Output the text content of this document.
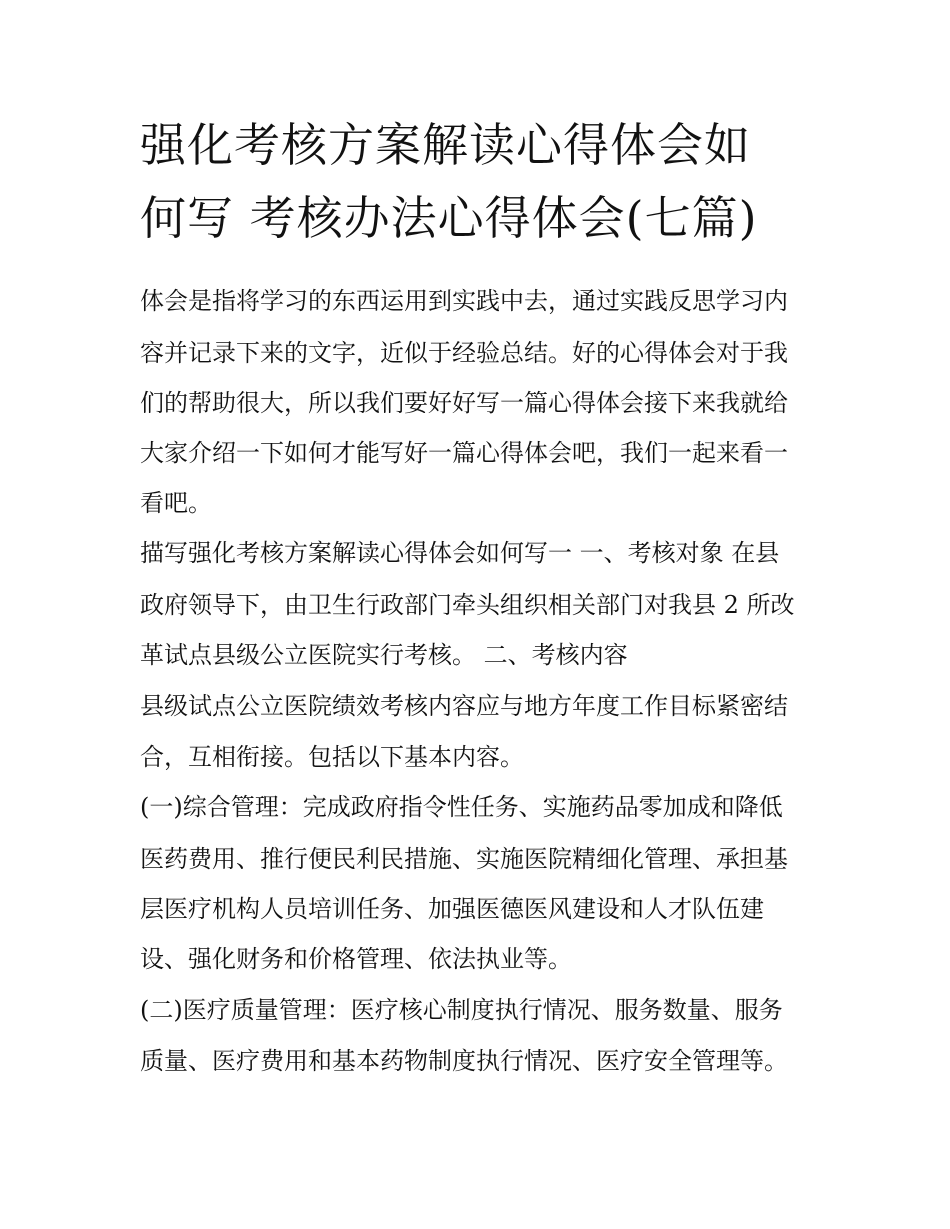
强化考核方案解读心得体会如
何写 考核办法心得体会(七篇)
体会是指将学习的东西运用到实践中去，通过实践反思学习内
容并记录下来的文字，近似于经验总结。好的心得体会对于我
们的帮助很大，所以我们要好好写一篇心得体会接下来我就给
大家介绍一下如何才能写好一篇心得体会吧，我们一起来看一
看吧。
描写强化考核方案解读心得体会如何写一 一、考核对象 在县
政府领导下，由卫生行政部门牵头组织相关部门对我县 2 所改
革试点县级公立医院实行考核。 二、考核内容
县级试点公立医院绩效考核内容应与地方年度工作目标紧密结
合，互相衔接。包括以下基本内容。
(一)综合管理：完成政府指令性任务、实施药品零加成和降低
医药费用、推行便民利民措施、实施医院精细化管理、承担基
层医疗机构人员培训任务、加强医德医风建设和人才队伍建
设、强化财务和价格管理、依法执业等。
(二)医疗质量管理：医疗核心制度执行情况、服务数量、服务
质量、医疗费用和基本药物制度执行情况、医疗安全管理等。
